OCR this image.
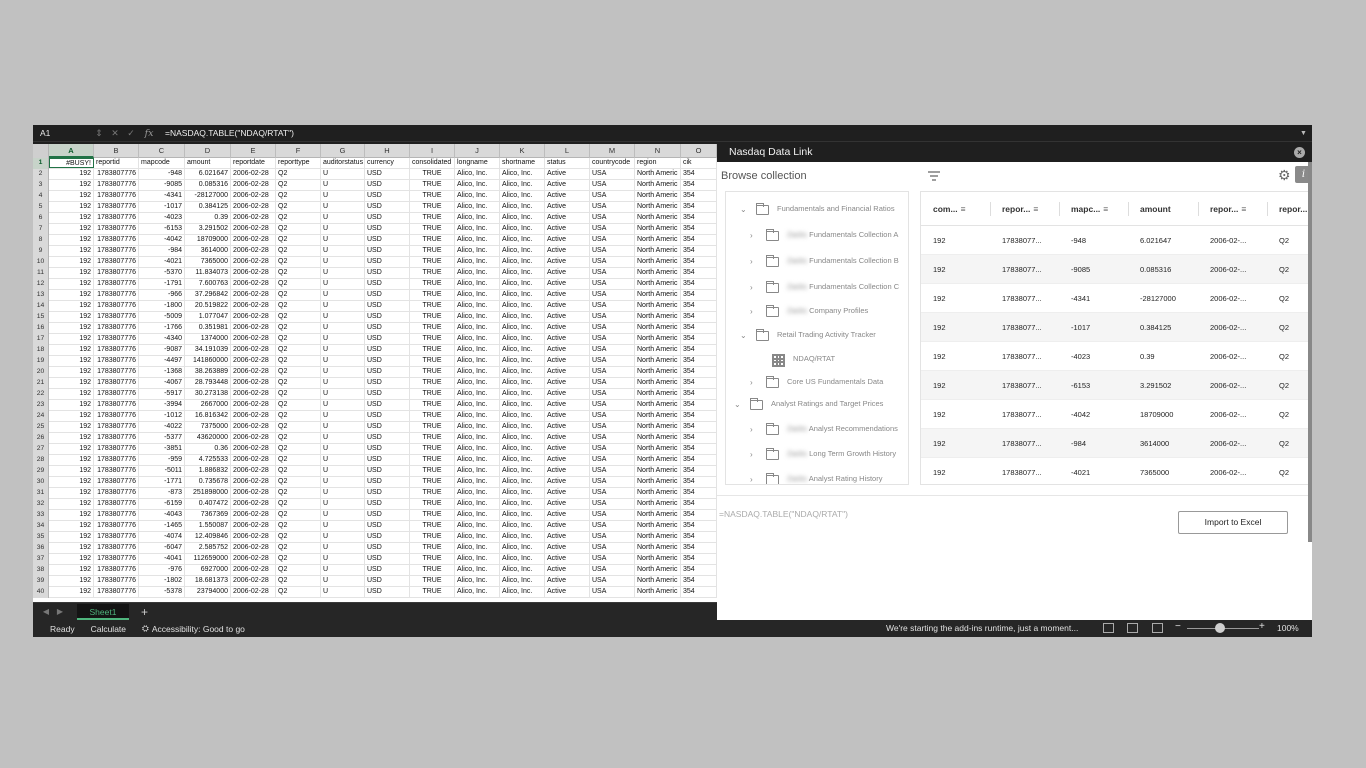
A1	⇕ ✕ ✓	fx	=NASDAQ.TABLE("NDAQ/RTAT")	▼
A	B	C	D	E	F	G	H	I	J	K	L	M	N	O
1	#BUSY! reportid	mapcode	amount	reportdate	reporttype	auditorstatus currency	consolidated longname	shortname	status	countrycode region	cik
2	192 1783807776	-948	6.021647 2006-02-28	Q2	U	USD	TRUE	Alico, Inc.	Alico, Inc.	Active	USA	North Americ 354
3	192 1783807776	-9085	0.085316 2006-02-28	Q2	U	USD	TRUE	Alico, Inc.	Alico, Inc.	Active	USA	North Americ 354
4	192 1783807776	-4341	-28127000 2006-02-28	Q2	U	USD	TRUE	Alico, Inc.	Alico, Inc.	Active	USA	North Americ 354
5	192 1783807776	-1017	0.384125 2006-02-28	Q2	U	USD	TRUE	Alico, Inc.	Alico, Inc.	Active	USA	North Americ 354
6	192 1783807776	-4023	0.39 2006-02-28	Q2	U	USD	TRUE	Alico, Inc.	Alico, Inc.	Active	USA	North Americ 354
7	192 1783807776	-6153	3.291502 2006-02-28	Q2	U	USD	TRUE	Alico, Inc.	Alico, Inc.	Active	USA	North Americ 354
8	192 1783807776	-4042	18709000 2006-02-28	Q2	U	USD	TRUE	Alico, Inc.	Alico, Inc.	Active	USA	North Americ 354
9	192 1783807776	-984	3614000 2006-02-28	Q2	U	USD	TRUE	Alico, Inc.	Alico, Inc.	Active	USA	North Americ 354
10	192 1783807776	-4021	7365000 2006-02-28	Q2	U	USD	TRUE	Alico, Inc.	Alico, Inc.	Active	USA	North Americ 354
11	192 1783807776	-5370	11.834073 2006-02-28	Q2	U	USD	TRUE	Alico, Inc.	Alico, Inc.	Active	USA	North Americ 354
12	192 1783807776	-1791	7.600763 2006-02-28	Q2	U	USD	TRUE	Alico, Inc.	Alico, Inc.	Active	USA	North Americ 354
13	192 1783807776	-966	37.296842 2006-02-28	Q2	U	USD	TRUE	Alico, Inc.	Alico, Inc.	Active	USA	North Americ 354
14	192 1783807776	-1800	20.519822 2006-02-28	Q2	U	USD	TRUE	Alico, Inc.	Alico, Inc.	Active	USA	North Americ 354
15	192 1783807776	-5009	1.077047 2006-02-28	Q2	U	USD	TRUE	Alico, Inc.	Alico, Inc.	Active	USA	North Americ 354
16	192 1783807776	-1766	0.351981 2006-02-28	Q2	U	USD	TRUE	Alico, Inc.	Alico, Inc.	Active	USA	North Americ 354
17	192 1783807776	-4340	1374000 2006-02-28	Q2	U	USD	TRUE	Alico, Inc.	Alico, Inc.	Active	USA	North Americ 354
18	192 1783807776	-9087	34.191039 2006-02-28	Q2	U	USD	TRUE	Alico, Inc.	Alico, Inc.	Active	USA	North Americ 354
19	192 1783807776	-4497	141860000 2006-02-28	Q2	U	USD	TRUE	Alico, Inc.	Alico, Inc.	Active	USA	North Americ 354
20	192 1783807776	-1368	38.263889 2006-02-28	Q2	U	USD	TRUE	Alico, Inc.	Alico, Inc.	Active	USA	North Americ 354
21	192 1783807776	-4067	28.793448 2006-02-28	Q2	U	USD	TRUE	Alico, Inc.	Alico, Inc.	Active	USA	North Americ 354
22	192 1783807776	-5917	30.273138 2006-02-28	Q2	U	USD	TRUE	Alico, Inc.	Alico, Inc.	Active	USA	North Americ 354
23	192 1783807776	-3994	2667000 2006-02-28	Q2	U	USD	TRUE	Alico, Inc.	Alico, Inc.	Active	USA	North Americ 354
24	192 1783807776	-1012	16.816342 2006-02-28	Q2	U	USD	TRUE	Alico, Inc.	Alico, Inc.	Active	USA	North Americ 354
25	192 1783807776	-4022	7375000 2006-02-28	Q2	U	USD	TRUE	Alico, Inc.	Alico, Inc.	Active	USA	North Americ 354
26	192 1783807776	-5377	43620000 2006-02-28	Q2	U	USD	TRUE	Alico, Inc.	Alico, Inc.	Active	USA	North Americ 354
27	192 1783807776	-3851	0.36 2006-02-28	Q2	U	USD	TRUE	Alico, Inc.	Alico, Inc.	Active	USA	North Americ 354
28	192 1783807776	-959	4.725533 2006-02-28	Q2	U	USD	TRUE	Alico, Inc.	Alico, Inc.	Active	USA	North Americ 354
29	192 1783807776	-5011	1.886832 2006-02-28	Q2	U	USD	TRUE	Alico, Inc.	Alico, Inc.	Active	USA	North Americ 354
30	192 1783807776	-1771	0.735678 2006-02-28	Q2	U	USD	TRUE	Alico, Inc.	Alico, Inc.	Active	USA	North Americ 354
31	192 1783807776	-873	251898000 2006-02-28	Q2	U	USD	TRUE	Alico, Inc.	Alico, Inc.	Active	USA	North Americ 354
32	192 1783807776	-6159	0.407472 2006-02-28	Q2	U	USD	TRUE	Alico, Inc.	Alico, Inc.	Active	USA	North Americ 354
33	192 1783807776	-4043	7367369 2006-02-28	Q2	U	USD	TRUE	Alico, Inc.	Alico, Inc.	Active	USA	North Americ 354
34	192 1783807776	-1465	1.550087 2006-02-28	Q2	U	USD	TRUE	Alico, Inc.	Alico, Inc.	Active	USA	North Americ 354
35	192 1783807776	-4074	12.409846 2006-02-28	Q2	U	USD	TRUE	Alico, Inc.	Alico, Inc.	Active	USA	North Americ 354
36	192 1783807776	-6047	2.585752 2006-02-28	Q2	U	USD	TRUE	Alico, Inc.	Alico, Inc.	Active	USA	North Americ 354
37	192 1783807776	-4041	112659000 2006-02-28	Q2	U	USD	TRUE	Alico, Inc.	Alico, Inc.	Active	USA	North Americ 354
38	192 1783807776	-976	6927000 2006-02-28	Q2	U	USD	TRUE	Alico, Inc.	Alico, Inc.	Active	USA	North Americ 354
39	192 1783807776	-1802	18.681373 2006-02-28	Q2	U	USD	TRUE	Alico, Inc.	Alico, Inc.	Active	USA	North Americ 354
40	192 1783807776	-5378	23794000 2006-02-28	Q2	U	USD	TRUE	Alico, Inc.	Alico, Inc.	Active	USA	North Americ 354
◀ ▶	Sheet1	+
Nasdaq Data Link	×
Browse collection	⚙	i
⌄	Fundamentals and Financial Ratios
›	Zacks Fundamentals Collection A
›	Zacks Fundamentals Collection B
›	Zacks Fundamentals Collection C
›	Zacks Company Profiles
⌄	Retail Trading Activity Tracker
NDAQ/RTAT
›	Core US Fundamentals Data
⌄	Analyst Ratings and Target Prices
›	Zacks Analyst Recommendations
›	Zacks Long Term Growth History
›	Zacks Analyst Rating History
com... ≡	repor... ≡	mapc... ≡	amount	repor... ≡	repor...
192	17838077...	-948	6.021647	2006-02-...	Q2
192	17838077...	-9085	0.085316	2006-02-...	Q2
192	17838077...	-4341	-28127000	2006-02-...	Q2
192	17838077...	-1017	0.384125	2006-02-...	Q2
192	17838077...	-4023	0.39	2006-02-...	Q2
192	17838077...	-6153	3.291502	2006-02-...	Q2
192	17838077...	-4042	18709000	2006-02-...	Q2
192	17838077...	-984	3614000	2006-02-...	Q2
192	17838077...	-4021	7365000	2006-02-...	Q2
=NASDAQ.TABLE("NDAQ/RTAT")
Import to Excel
Ready Calculate ⛭ Accessibility: Good to go	We're starting the add-ins runtime, just a moment...	−	+ 100%
